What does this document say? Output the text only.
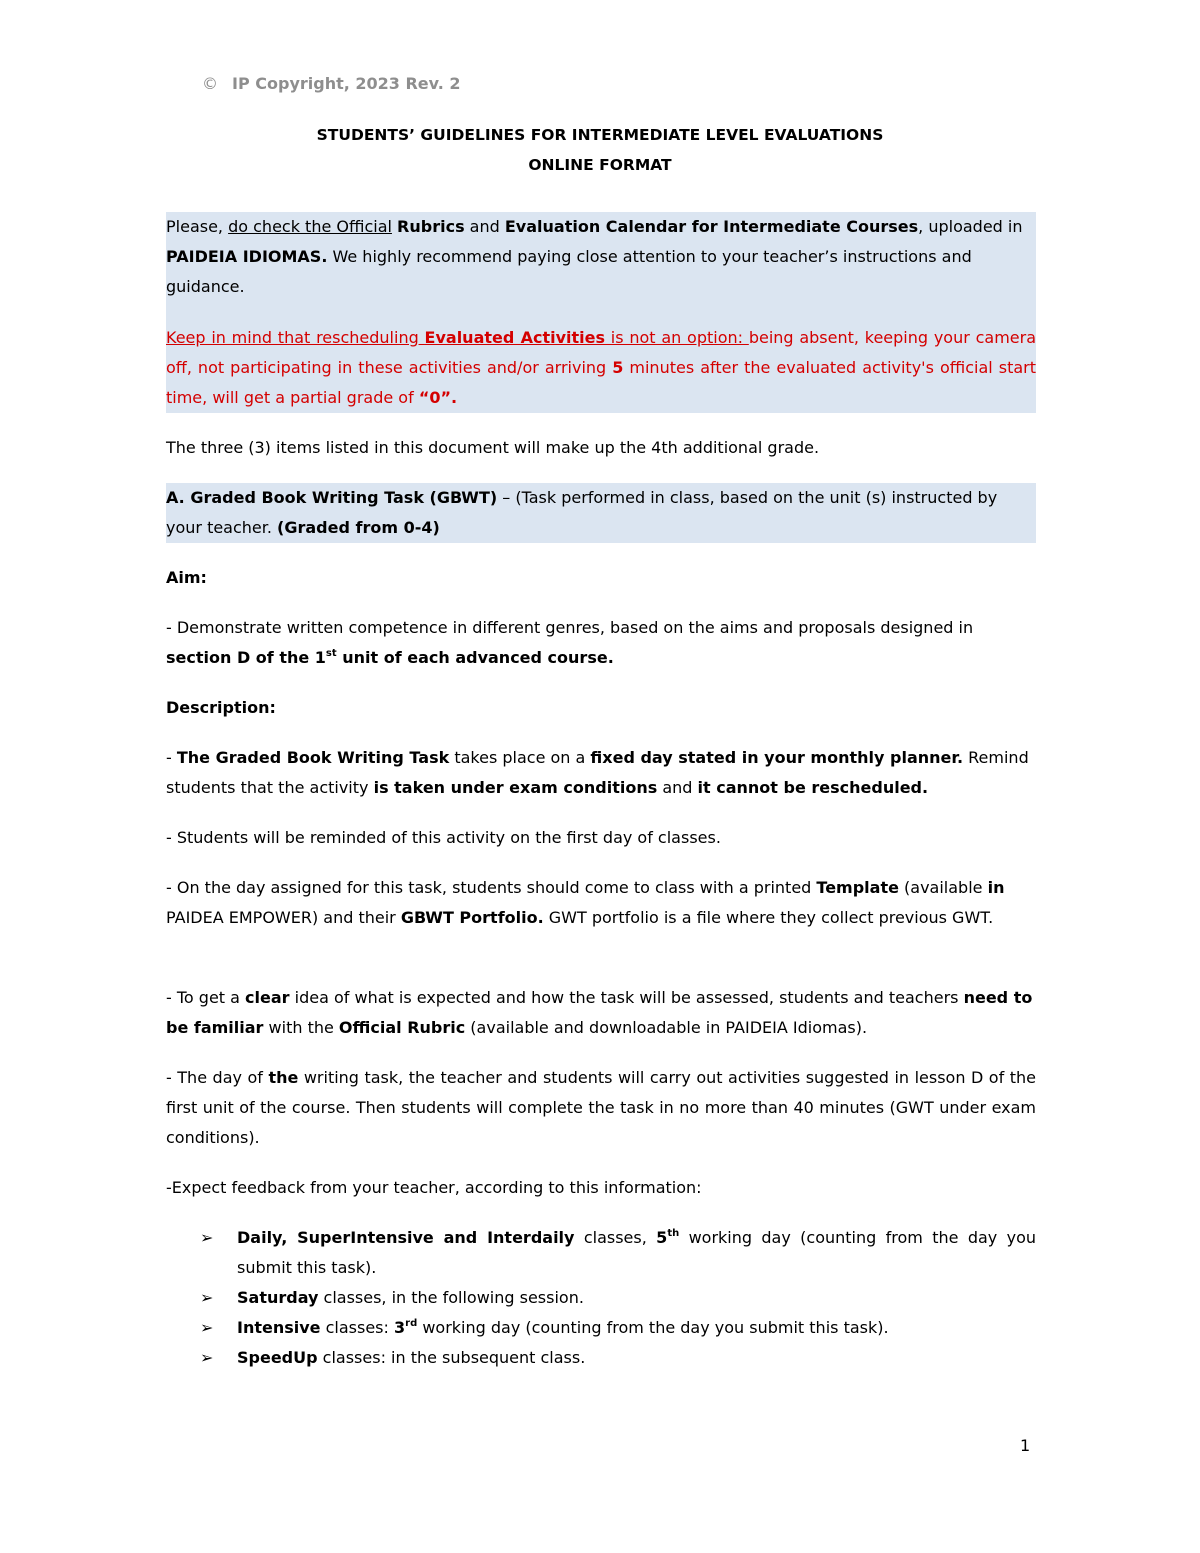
© IP Copyright, 2023 Rev. 2
STUDENTS’ GUIDELINES FOR INTERMEDIATE LEVEL EVALUATIONS
ONLINE FORMAT
Please, do check the Official Rubrics and Evaluation Calendar for Intermediate Courses, uploaded in PAIDEIA IDIOMAS. We highly recommend paying close attention to your teacher’s instructions and guidance.
Keep in mind that rescheduling Evaluated Activities is not an option: being absent, keeping your camera off, not participating in these activities and/or arriving 5 minutes after the evaluated activity's official start time, will get a partial grade of “0”.
The three (3) items listed in this document will make up the 4th additional grade.
A. Graded Book Writing Task (GBWT) – (Task performed in class, based on the unit (s) instructed by your teacher. (Graded from 0-4)
Aim:
- Demonstrate written competence in different genres, based on the aims and proposals designed in section D of the 1st unit of each advanced course.
Description:
- The Graded Book Writing Task takes place on a fixed day stated in your monthly planner. Remind students that the activity is taken under exam conditions and it cannot be rescheduled.
- Students will be reminded of this activity on the first day of classes.
- On the day assigned for this task, students should come to class with a printed Template (available in PAIDEA EMPOWER) and their GBWT Portfolio. GWT portfolio is a file where they collect previous GWT.
- To get a clear idea of what is expected and how the task will be assessed, students and teachers need to be familiar with the Official Rubric (available and downloadable in PAIDEIA Idiomas).
- The day of the writing task, the teacher and students will carry out activities suggested in lesson D of the first unit of the course. Then students will complete the task in no more than 40 minutes (GWT under exam conditions).
-Expect feedback from your teacher, according to this information:
➢ Daily, SuperIntensive and Interdaily classes, 5th working day (counting from the day you submit this task).
➢ Saturday classes, in the following session.
➢ Intensive classes: 3rd working day (counting from the day you submit this task).
➢ SpeedUp classes: in the subsequent class.
1
